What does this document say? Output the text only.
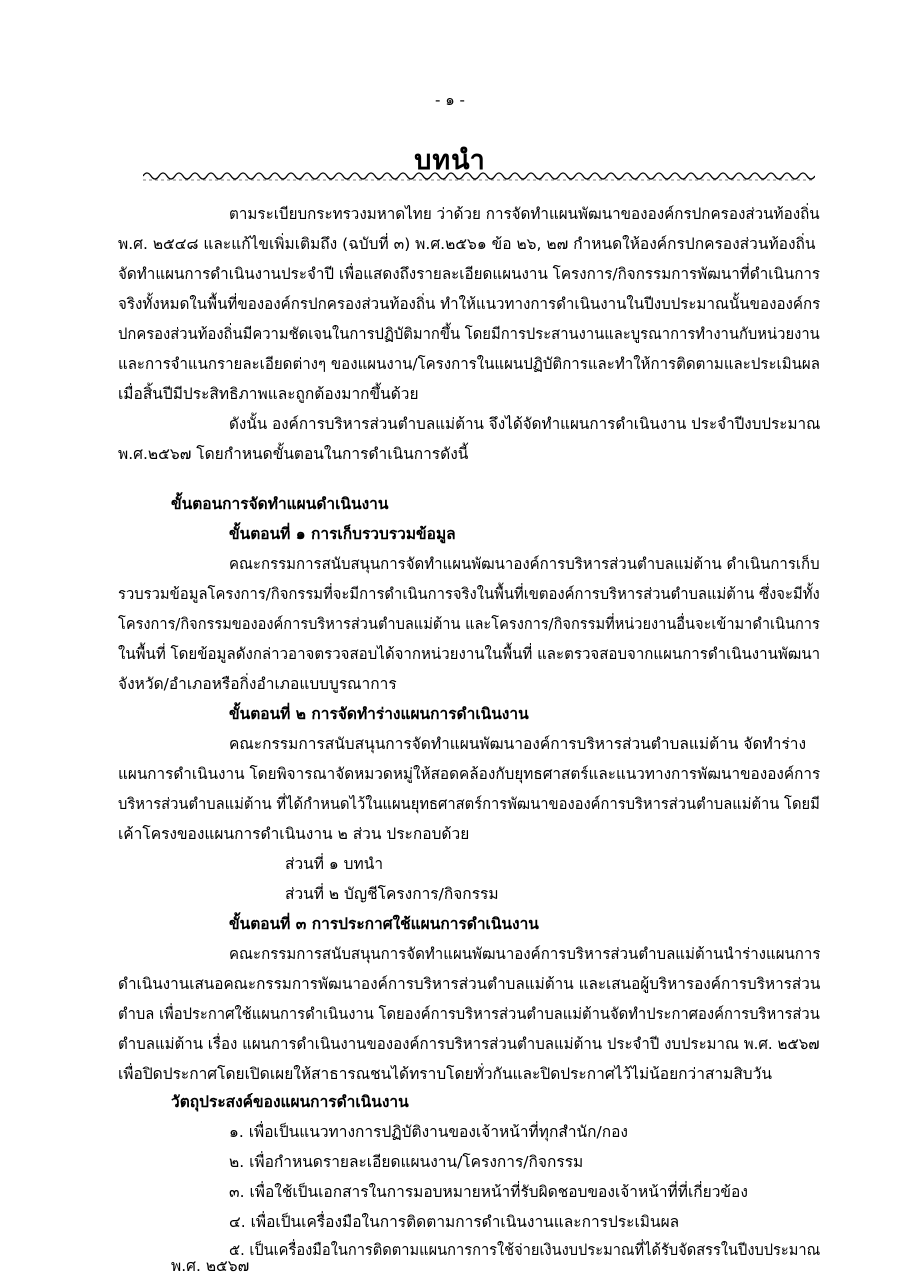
- ๑ -
บทนำ
ตามระเบียบกระทรวงมหาดไทย ว่าด้วย การจัดทำแผนพัฒนาขององค์กรปกครองส่วนท้องถิ่น
พ.ศ. ๒๕๔๘ และแก้ไขเพิ่มเติมถึง (ฉบับที่ ๓) พ.ศ.๒๕๖๑ ข้อ ๒๖, ๒๗ กำหนดให้องค์กรปกครองส่วนท้องถิ่น
จัดทำแผนการดำเนินงานประจำปี เพื่อแสดงถึงรายละเอียดแผนงาน โครงการ/กิจกรรมการพัฒนาที่ดำเนินการ
จริงทั้งหมดในพื้นที่ขององค์กรปกครองส่วนท้องถิ่น ทำให้แนวทางการดำเนินงานในปีงบประมาณนั้นขององค์กร
ปกครองส่วนท้องถิ่นมีความชัดเจนในการปฏิบัติมากขึ้น โดยมีการประสานงานและบูรณาการทำงานกับหน่วยงาน
และการจำแนกรายละเอียดต่างๆ ของแผนงาน/โครงการในแผนปฏิบัติการและทำให้การติดตามและประเมินผล
เมื่อสิ้นปีมีประสิทธิภาพและถูกต้องมากขึ้นด้วย
ดังนั้น องค์การบริหารส่วนตำบลแม่ต้าน จึงได้จัดทำแผนการดำเนินงาน ประจำปีงบประมาณ
พ.ศ.๒๕๖๗ โดยกำหนดขั้นตอนในการดำเนินการดังนี้
ขั้นตอนการจัดทำแผนดำเนินงาน
ขั้นตอนที่ ๑ การเก็บรวบรวมข้อมูล
คณะกรรมการสนับสนุนการจัดทำแผนพัฒนาองค์การบริหารส่วนตำบลแม่ต้าน ดำเนินการเก็บ
รวบรวมข้อมูลโครงการ/กิจกรรมที่จะมีการดำเนินการจริงในพื้นที่เขตองค์การบริหารส่วนตำบลแม่ต้าน ซึ่งจะมีทั้ง
โครงการ/กิจกรรมขององค์การบริหารส่วนตำบลแม่ต้าน และโครงการ/กิจกรรมที่หน่วยงานอื่นจะเข้ามาดำเนินการ
ในพื้นที่ โดยข้อมูลดังกล่าวอาจตรวจสอบได้จากหน่วยงานในพื้นที่ และตรวจสอบจากแผนการดำเนินงานพัฒนา
จังหวัด/อำเภอหรือกิ่งอำเภอแบบบูรณาการ
ขั้นตอนที่ ๒ การจัดทำร่างแผนการดำเนินงาน
คณะกรรมการสนับสนุนการจัดทำแผนพัฒนาองค์การบริหารส่วนตำบลแม่ต้าน จัดทำร่าง
แผนการดำเนินงาน โดยพิจารณาจัดหมวดหมู่ให้สอดคล้องกับยุทธศาสตร์และแนวทางการพัฒนาขององค์การ
บริหารส่วนตำบลแม่ต้าน ที่ได้กำหนดไว้ในแผนยุทธศาสตร์การพัฒนาขององค์การบริหารส่วนตำบลแม่ต้าน โดยมี
เค้าโครงของแผนการดำเนินงาน ๒ ส่วน ประกอบด้วย
ส่วนที่ ๑ บทนำ
ส่วนที่ ๒ บัญชีโครงการ/กิจกรรม
ขั้นตอนที่ ๓ การประกาศใช้แผนการดำเนินงาน
คณะกรรมการสนับสนุนการจัดทำแผนพัฒนาองค์การบริหารส่วนตำบลแม่ต้านนำร่างแผนการ
ดำเนินงานเสนอคณะกรรมการพัฒนาองค์การบริหารส่วนตำบลแม่ต้าน และเสนอผู้บริหารองค์การบริหารส่วน
ตำบล เพื่อประกาศใช้แผนการดำเนินงาน โดยองค์การบริหารส่วนตำบลแม่ต้านจัดทำประกาศองค์การบริหารส่วน
ตำบลแม่ต้าน เรื่อง แผนการดำเนินงานขององค์การบริหารส่วนตำบลแม่ต้าน ประจำปี งบประมาณ พ.ศ. ๒๕๖๗
เพื่อปิดประกาศโดยเปิดเผยให้สาธารณชนได้ทราบโดยทั่วกันและปิดประกาศไว้ไม่น้อยกว่าสามสิบวัน
วัตถุประสงค์ของแผนการดำเนินงาน
๑. เพื่อเป็นแนวทางการปฏิบัติงานของเจ้าหน้าที่ทุกสำนัก/กอง
๒. เพื่อกำหนดรายละเอียดแผนงาน/โครงการ/กิจกรรม
๓. เพื่อใช้เป็นเอกสารในการมอบหมายหน้าที่รับผิดชอบของเจ้าหน้าที่ที่เกี่ยวข้อง
๔. เพื่อเป็นเครื่องมือในการติดตามการดำเนินงานและการประเมินผล
๕. เป็นเครื่องมือในการติดตามแผนการการใช้จ่ายเงินงบประมาณที่ได้รับจัดสรรในปีงบประมาณ
พ.ศ. ๒๕๖๗
